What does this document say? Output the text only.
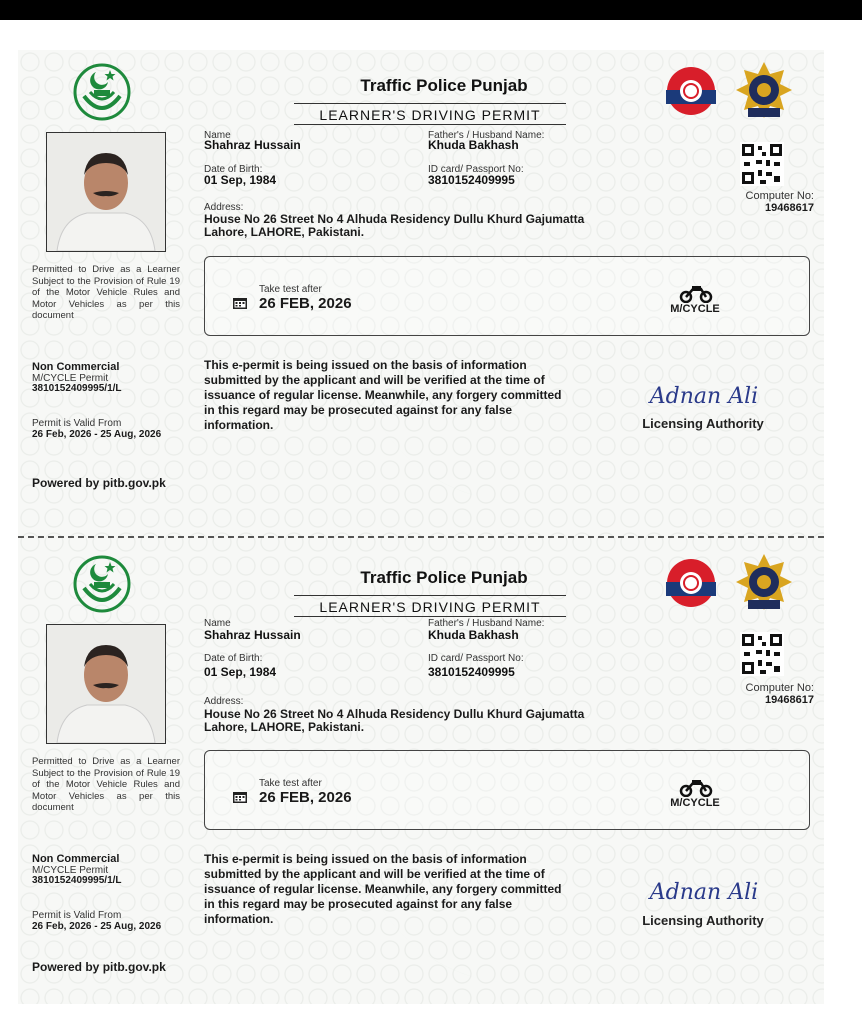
Traffic Police Punjab
LEARNER'S DRIVING PERMIT
Name
Shahraz Hussain
Father's / Husband Name:
Khuda Bakhash
Date of Birth:
01 Sep, 1984
ID card/ Passport No:
3810152409995
Address:
House No 26 Street No 4 Alhuda Residency Dullu Khurd Gajumatta
Lahore, LAHORE, Pakistani.
Computer No:
19468617
Permitted to Drive as a Learner Subject to the Provision of Rule 19 of the Motor Vehicle Rules and Motor Vehicles as per this document
Take test after
26 FEB, 2026	M/CYCLE
Non Commercial
M/CYCLE Permit
3810152409995/1/L
Permit is Valid From
26 Feb, 2026 - 25 Aug, 2026
This e-permit is being issued on the basis of information submitted by the applicant and will be verified at the time of issuance of regular license. Meanwhile, any forgery committed in this regard may be prosecuted against for any false information.
Adnan Ali
Licensing Authority
Powered by pitb.gov.pk
Traffic Police Punjab
LEARNER'S DRIVING PERMIT
Name
Shahraz Hussain
Father's / Husband Name:
Khuda Bakhash
Date of Birth:
01 Sep, 1984
ID card/ Passport No:
3810152409995
Address:
House No 26 Street No 4 Alhuda Residency Dullu Khurd Gajumatta
Lahore, LAHORE, Pakistani.
Computer No:
19468617
Permitted to Drive as a Learner Subject to the Provision of Rule 19 of the Motor Vehicle Rules and Motor Vehicles as per this document
Take test after
26 FEB, 2026	M/CYCLE
Non Commercial
M/CYCLE Permit
3810152409995/1/L
Permit is Valid From
26 Feb, 2026 - 25 Aug, 2026
This e-permit is being issued on the basis of information submitted by the applicant and will be verified at the time of issuance of regular license. Meanwhile, any forgery committed in this regard may be prosecuted against for any false information.
Adnan Ali
Licensing Authority
Powered by pitb.gov.pk
